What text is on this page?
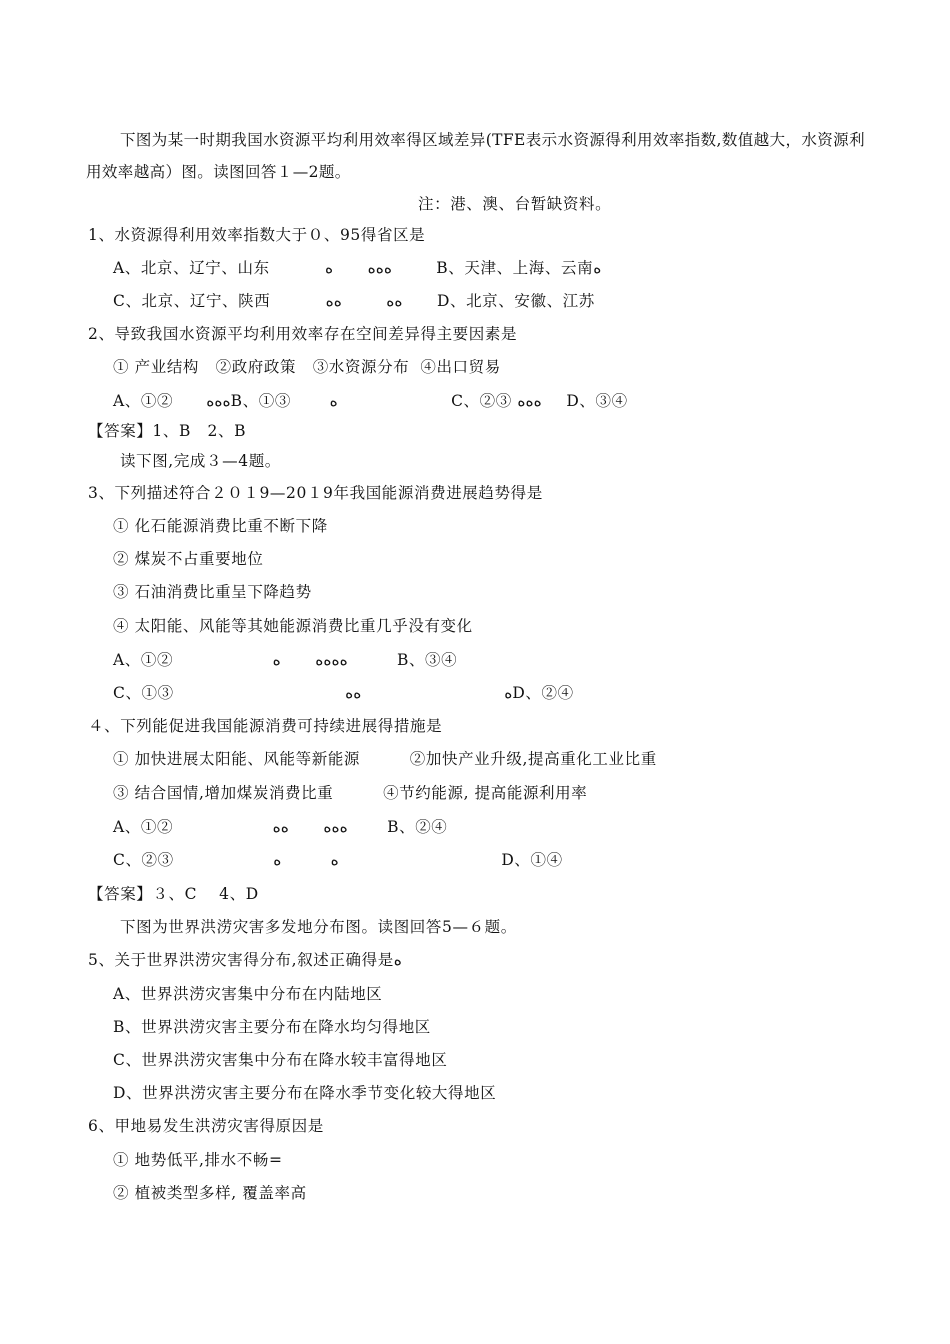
下图为某一时期我国水资源平均利用效率得区域差异(TFE表示水资源得利用效率指数,数值越大，水资源利用效率越高）图。读图回答１—2题。
注：港、澳、台暂缺资料。
1、水资源得利用效率指数大于０、95得省区是
A、北京、辽宁、山东          ﻩﻩﻩ       ﻩ         B、天津、上海、云南ﻩ
C、北京、辽宁、陕西          ﻩﻩ         ﻩﻩ       D、北京、安徽、江苏
2、导致我国水资源平均利用效率存在空间差异得主要因素是
① 产业结构   ②政府政策   ③水资源分布  ④出口贸易
A、①②      ﻩﻩﻩB、①③       ﻩ                       C、②③ ﻩﻩﻩ     D、③④
【答案】1、B   2、B
读下图,完成３—4题。
3、下列描述符合２０１9—20１9年我国能源消费进展趋势得是
① 化石能源消费比重不断下降
② 煤炭不占重要地位
③ 石油消费比重呈下降趋势
④ 太阳能、风能等其她能源消费比重几乎没有变化
A、①②                  ﻩﻩﻩﻩ       ﻩ          B、③④
C、①③                               ﻩ                             ﻩﻩD、②④
４、下列能促进我国能源消费可持续进展得措施是
① 加快进展太阳能、风能等新能源         ②加快产业升级,提高重化工业比重
③ 结合国情,增加煤炭消费比重         ④节约能源, 提高能源利用率
A、①②                  ﻩﻩﻩ       ﻩﻩ        B、②④
C、②③                  ﻩ          ﻩ                                 D、①④
【答案】３、C    4、D
下图为世界洪涝灾害多发地分布图。读图回答5—６题。
5、关于世界洪涝灾害得分布,叙述正确得是ﻩ
A、世界洪涝灾害集中分布在内陆地区
B、世界洪涝灾害主要分布在降水均匀得地区
C、世界洪涝灾害集中分布在降水较丰富得地区
D、世界洪涝灾害主要分布在降水季节变化较大得地区
6、甲地易发生洪涝灾害得原因是
① 地势低平,排水不畅=
② 植被类型多样, 覆盖率高
